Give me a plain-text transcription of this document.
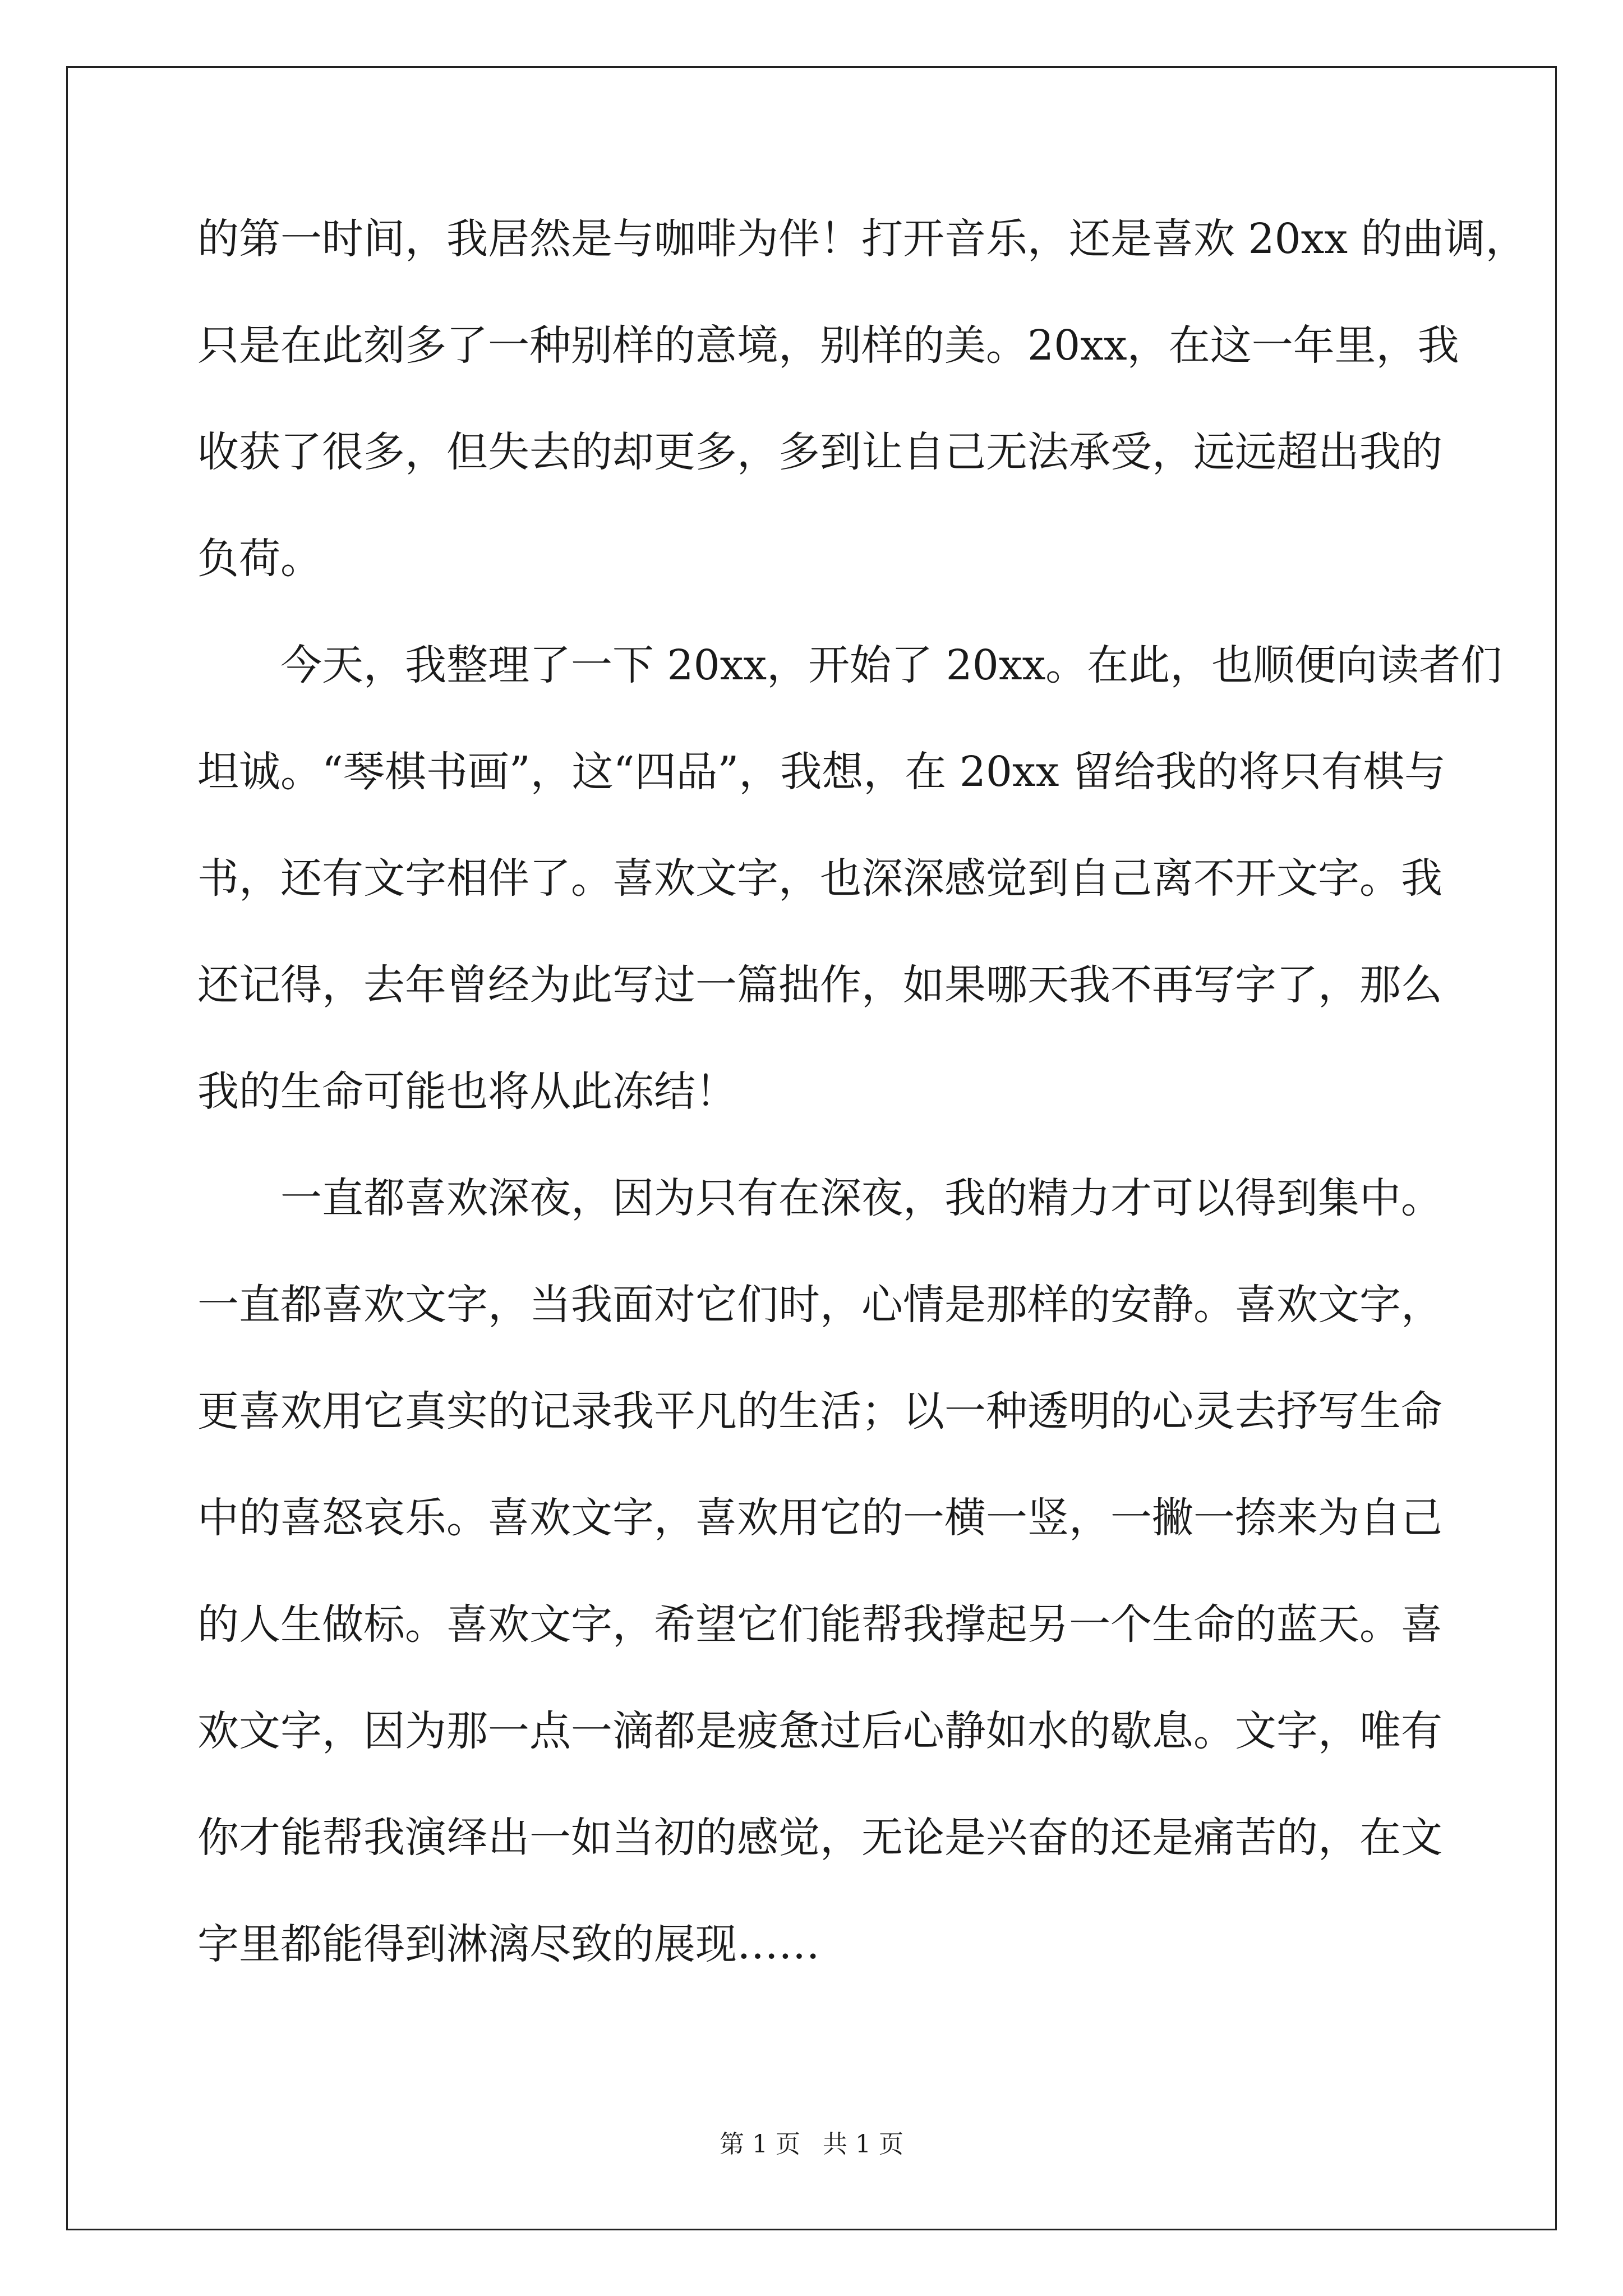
的第一时间，我居然是与咖啡为伴！打开音乐，还是喜欢 20xx 的曲调，
只是在此刻多了一种别样的意境，别样的美。20xx，在这一年里，我
收获了很多，但失去的却更多，多到让自己无法承受，远远超出我的
负荷。
今天，我整理了一下 20xx，开始了 20xx。在此，也顺便向读者们
坦诚。“琴棋书画”，这“四品”，我想，在 20xx 留给我的将只有棋与
书，还有文字相伴了。喜欢文字，也深深感觉到自己离不开文字。我
还记得，去年曾经为此写过一篇拙作，如果哪天我不再写字了，那么
我的生命可能也将从此冻结！
一直都喜欢深夜，因为只有在深夜，我的精力才可以得到集中。
一直都喜欢文字，当我面对它们时，心情是那样的安静。喜欢文字，
更喜欢用它真实的记录我平凡的生活；以一种透明的心灵去抒写生命
中的喜怒哀乐。喜欢文字，喜欢用它的一横一竖，一撇一捺来为自己
的人生做标。喜欢文字，希望它们能帮我撑起另一个生命的蓝天。喜
欢文字，因为那一点一滴都是疲惫过后心静如水的歇息。文字，唯有
你才能帮我演绎出一如当初的感觉，无论是兴奋的还是痛苦的，在文
字里都能得到淋漓尽致的展现……
第 1 页 共 1 页
